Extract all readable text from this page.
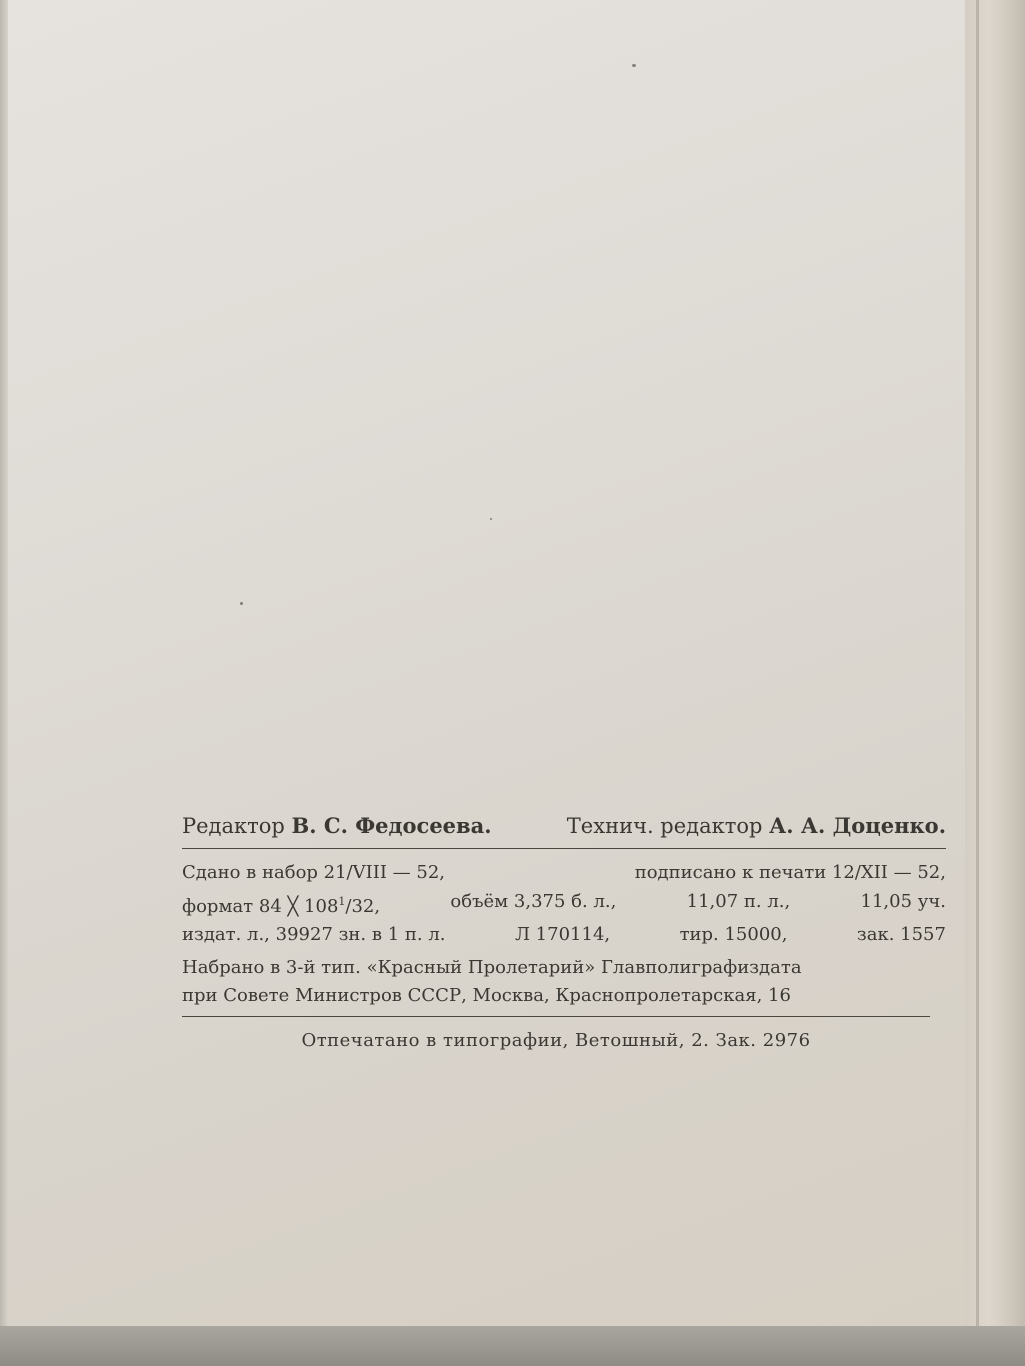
Редактор В. С. Федосеева.	Технич. редактор А. А. Доценко.
Сдано в набор 21/VIII — 52,	подписано к печати 12/XII — 52,
формат 84 ╳ $108^1/32$,	объём 3,375 б. л.,	11,07 п. л.,	11,05 уч.
издат. л., 39927 зн. в 1 п. л.	Л 170114,	тир. 15000,	зак. 1557
Набрано в 3-й тип. «Красный Пролетарий» Главполиграфиздата
при Совете Министров СССР, Москва, Краснопролетарская, 16
Отпечатано в типографии, Ветошный, 2. Зак. 2976
